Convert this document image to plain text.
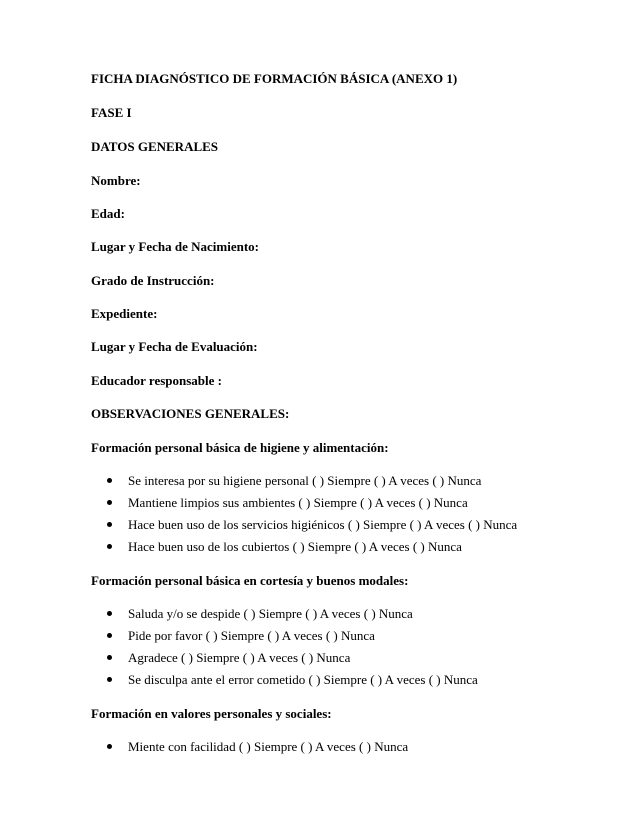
FICHA DIAGNÓSTICO DE FORMACIÓN BÁSICA (ANEXO 1)
FASE I
DATOS GENERALES
Nombre:
Edad:
Lugar y Fecha de Nacimiento:
Grado de Instrucción:
Expediente:
Lugar y Fecha de Evaluación:
Educador responsable :
OBSERVACIONES GENERALES:
Formación personal básica de higiene y alimentación:
Se interesa por su higiene personal ( ) Siempre ( ) A veces ( ) Nunca
Mantiene limpios sus ambientes ( ) Siempre ( ) A veces ( ) Nunca
Hace buen uso de los servicios higiénicos ( ) Siempre ( ) A veces ( ) Nunca
Hace buen uso de los cubiertos ( ) Siempre ( ) A veces ( ) Nunca
Formación personal básica en cortesía y buenos modales:
Saluda y/o se despide ( ) Siempre ( ) A veces ( ) Nunca
Pide por favor ( ) Siempre ( ) A veces ( ) Nunca
Agradece ( ) Siempre ( ) A veces ( ) Nunca
Se disculpa ante el error cometido ( ) Siempre ( ) A veces ( ) Nunca
Formación en valores personales y sociales:
Miente con facilidad ( ) Siempre ( ) A veces ( ) Nunca
